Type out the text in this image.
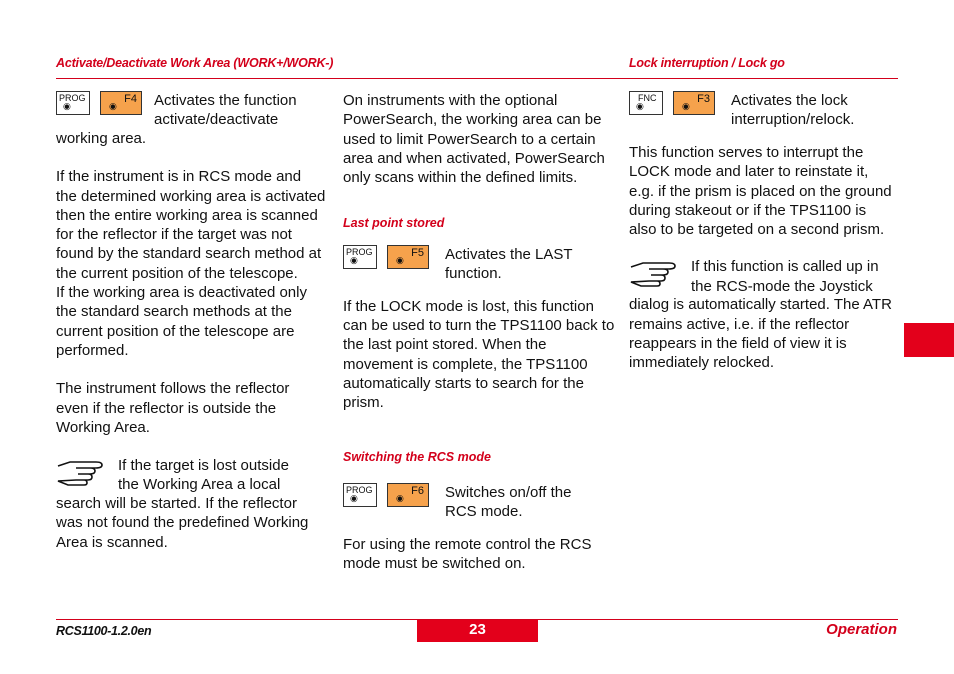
Activate/Deactivate Work Area (WORK+/WORK-)	Lock interruption / Lock go
PROG
◉
F4
◉ Activates the function
activate/deactivate

working area.

If the instrument is in RCS mode and the determined working area is activated then the entire working area is scanned for the reflector if the target was not found by the standard search method at the current position of the telescope.

If the working area is deactivated only the standard search methods at the current position of the telescope are performed.

The instrument follows the reflector even if the reflector is outside the Working Area.

If the target is lost outside
the Working Area a local

search will be started. If the reflector was not found the predefined Working Area is scanned.

On instruments with the optional PowerSearch, the working area can be used to limit PowerSearch to a certain area and when activated, PowerSearch only scans within the defined limits.

Last point stored

PROG
◉
F5
◉	Activates the LAST
function.

If the LOCK mode is lost, this function can be used to turn the TPS1100 back to the last point stored. When the movement is complete, the TPS1100 automatically starts to search for the prism.

Switching the RCS mode

PROG
◉
F6
◉	Switches on/off the
RCS mode.

For using the remote control the RCS mode must be switched on.

FNC
◉
F3
◉	Activates the lock
interruption/relock.

This function serves to interrupt the LOCK mode and later to reinstate it, e.g. if the prism is placed on the ground during stakeout or if the TPS1100 is also to be targeted on a second prism.

If this function is called up in
the RCS-mode the Joystick

dialog is automatically started. The ATR remains active, i.e. if the reflector reappears in the field of view it is immediately relocked.

RCS1100-1.2.0en	23	Operation
